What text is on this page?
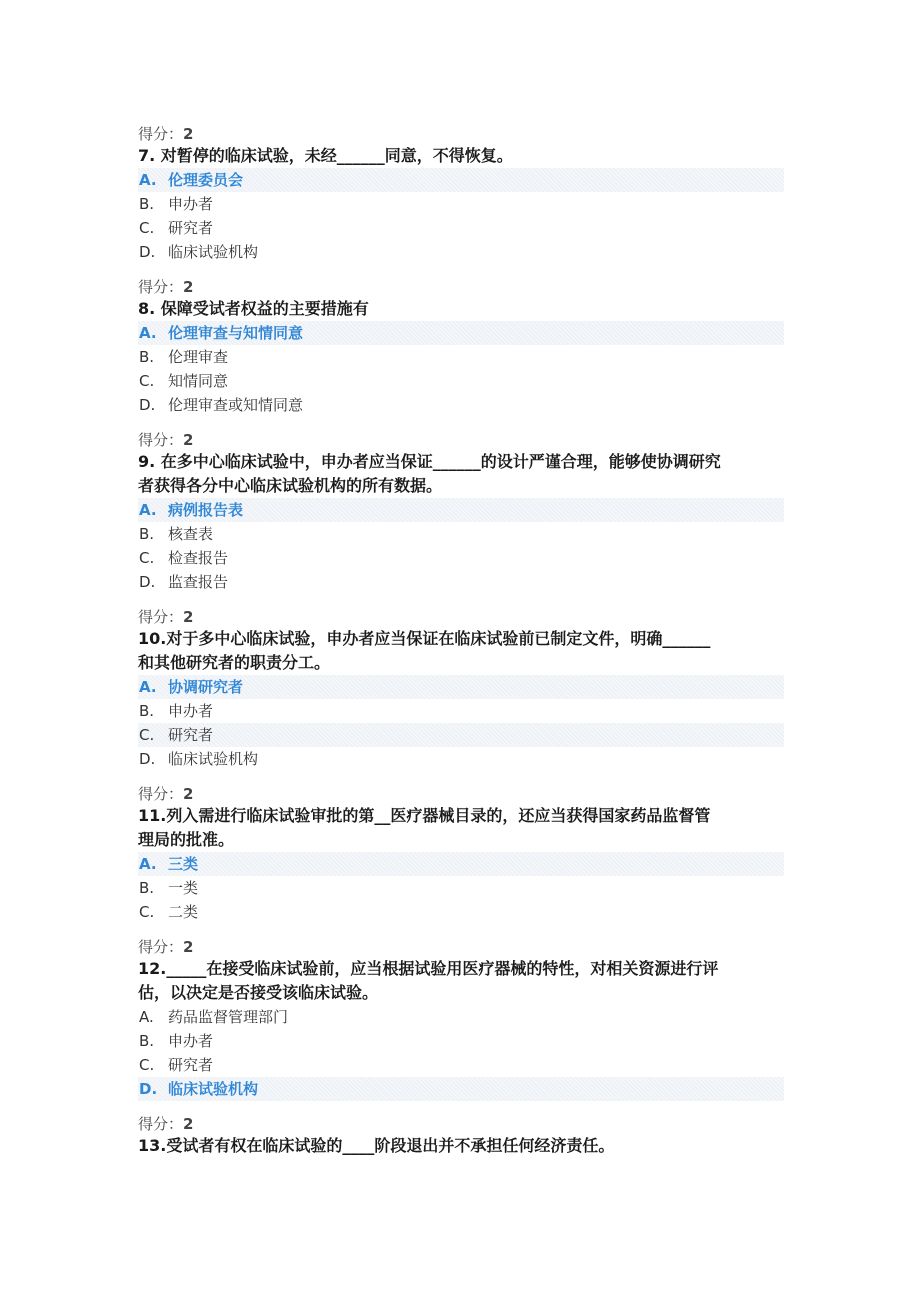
得分：2
7. 对暂停的临床试验，未经______同意，不得恢复。
A. 伦理委员会
B. 申办者
C. 研究者
D. 临床试验机构
得分：2
8. 保障受试者权益的主要措施有
A. 伦理审查与知情同意
B. 伦理审查
C. 知情同意
D. 伦理审查或知情同意
得分：2
9. 在多中心临床试验中，申办者应当保证______的设计严谨合理，能够使协调研究
者获得各分中心临床试验机构的所有数据。
A. 病例报告表
B. 核查表
C. 检查报告
D. 监查报告
得分：2
10.对于多中心临床试验，申办者应当保证在临床试验前已制定文件，明确______
和其他研究者的职责分工。
A. 协调研究者
B. 申办者
C. 研究者
D. 临床试验机构
得分：2
11.列入需进行临床试验审批的第__医疗器械目录的，还应当获得国家药品监督管
理局的批准。
A. 三类
B. 一类
C. 二类
得分：2
12._____在接受临床试验前，应当根据试验用医疗器械的特性，对相关资源进行评
估，以决定是否接受该临床试验。
A. 药品监督管理部门
B. 申办者
C. 研究者
D. 临床试验机构
得分：2
13.受试者有权在临床试验的____阶段退出并不承担任何经济责任。
